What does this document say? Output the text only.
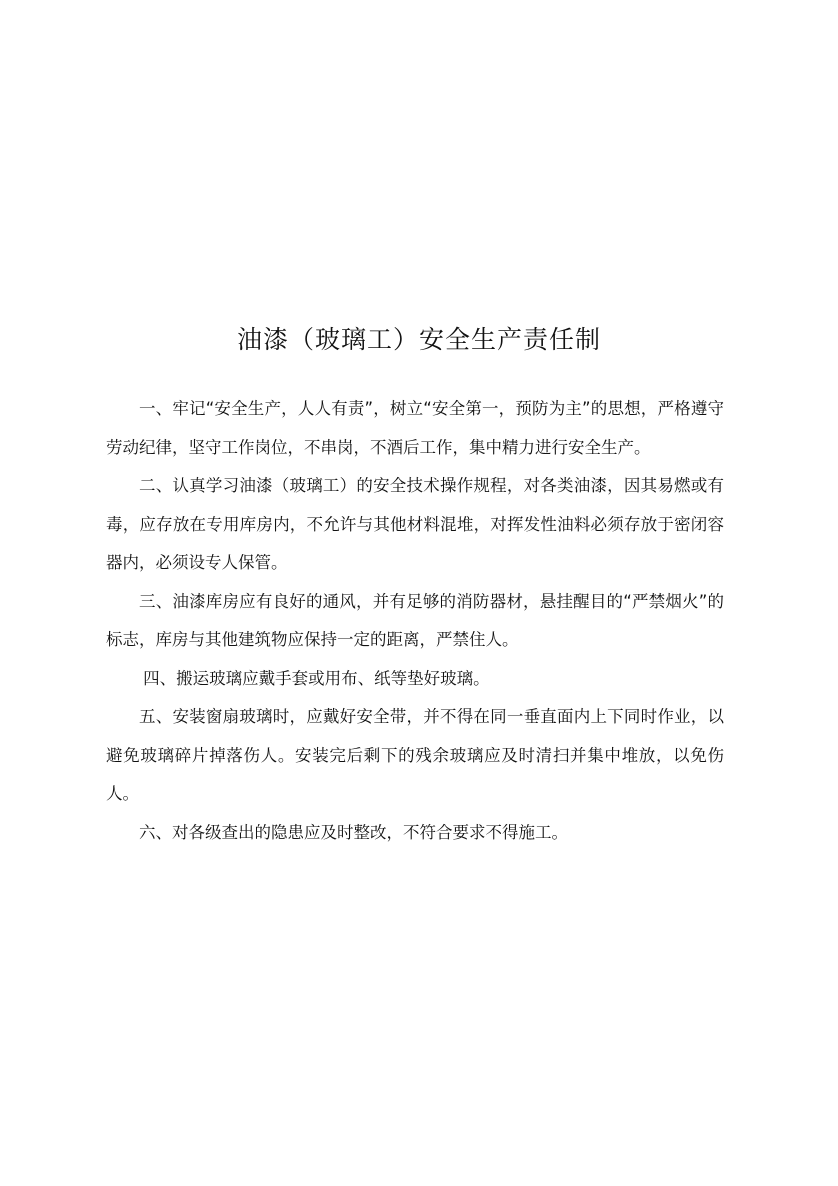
油漆（玻璃工）安全生产责任制

一、牢记“安全生产，人人有责”，树立“安全第一，预防为主”的思想，严格遵守劳动纪律，坚守工作岗位，不串岗，不酒后工作，集中精力进行安全生产。

二、认真学习油漆（玻璃工）的安全技术操作规程，对各类油漆，因其易燃或有毒，应存放在专用库房内，不允许与其他材料混堆，对挥发性油料必须存放于密闭容器内，必须设专人保管。

三、油漆库房应有良好的通风，并有足够的消防器材，悬挂醒目的“严禁烟火”的标志，库房与其他建筑物应保持一定的距离，严禁住人。

四、搬运玻璃应戴手套或用布、纸等垫好玻璃。

五、安装窗扇玻璃时，应戴好安全带，并不得在同一垂直面内上下同时作业，以避免玻璃碎片掉落伤人。安装完后剩下的残余玻璃应及时清扫并集中堆放，以免伤人。

六、对各级查出的隐患应及时整改，不符合要求不得施工。
